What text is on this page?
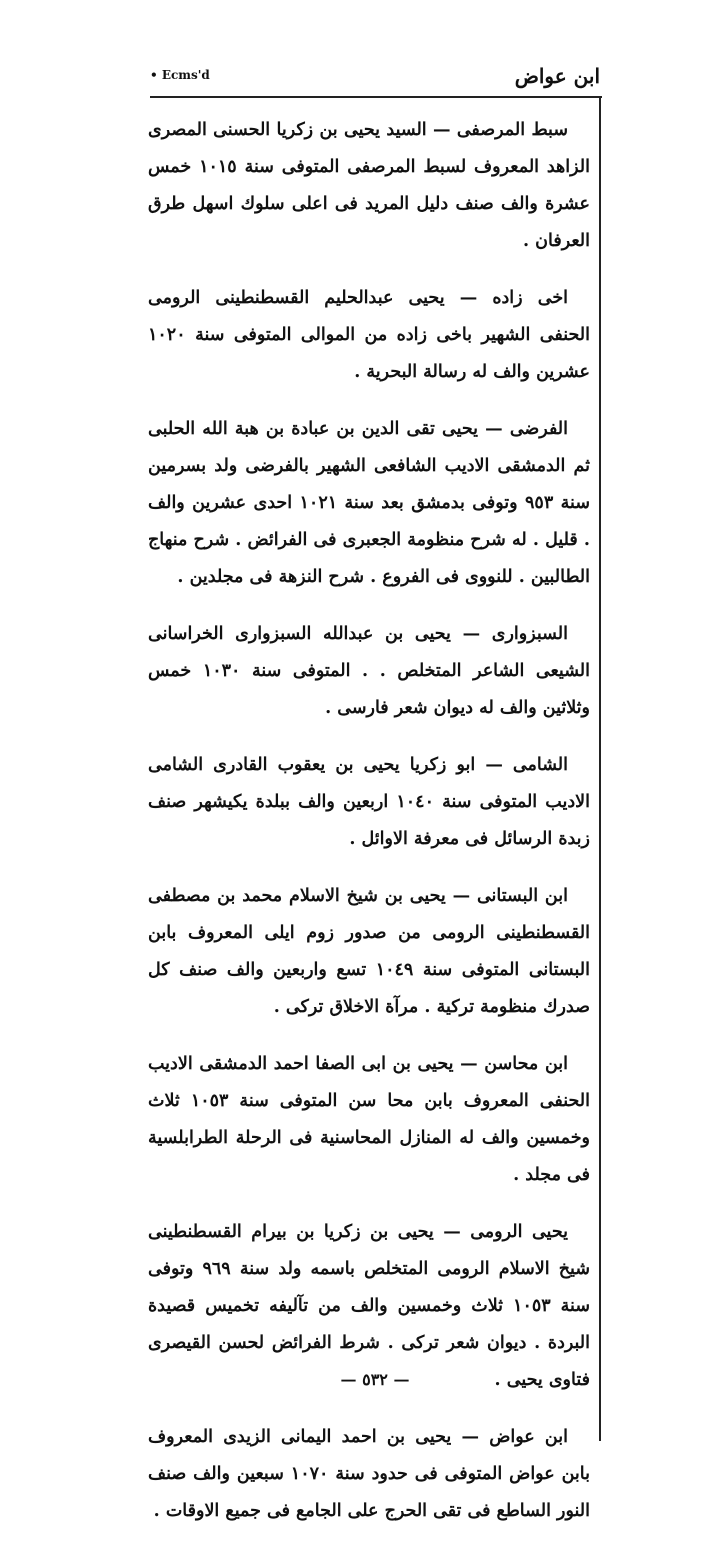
ابن عواض
• Ecms'd

سبط المرصفى — السيد يحيى بن زكريا الحسنى المصرى الزاهد المعروف لسبط المرصفى المتوفى سنة ١٠١٥ خمس عشرة والف صنف دليل المريد فى اعلى سلوك اسهل طرق العرفان .

اخى زاده — يحيى عبدالحليم القسطنطينى الرومى الحنفى الشهير باخى زاده من الموالى المتوفى سنة ١٠٢٠ عشرين والف له رسالة البحرية .

الفرضى — يحيى تقى الدين بن عبادة بن هبة الله الحلبى ثم الدمشقى الاديب الشافعى الشهير بالفرضى ولد بسرمين سنة ٩٥٣ وتوفى بدمشق بعد سنة ١٠٢١ احدى عشرين والف . قليل . له شرح منظومة الجعبرى فى الفرائض . شرح منهاج الطالبين . للنووى فى الفروع . شرح النزهة فى مجلدين .

السبزوارى — يحيى بن عبدالله السبزوارى الخراسانى الشيعى الشاعر المتخلص . . المتوفى سنة ١٠٣٠ خمس وثلاثين والف له ديوان شعر فارسى .

الشامى — ابو زكريا يحيى بن يعقوب القادرى الشامى الاديب المتوفى سنة ١٠٤٠ اربعين والف ببلدة يكيشهر صنف زبدة الرسائل فى معرفة الاوائل .

ابن البستانى — يحيى بن شيخ الاسلام محمد بن مصطفى القسطنطينى الرومى من صدور زوم ايلى المعروف بابن البستانى المتوفى سنة ١٠٤٩ تسع واربعين والف صنف كل صدرك منظومة تركية . مرآة الاخلاق تركى .

ابن محاسن — يحيى بن ابى الصفا احمد الدمشقى الاديب الحنفى المعروف بابن محا سن المتوفى سنة ١٠٥٣ ثلاث وخمسين والف له المنازل المحاسنية فى الرحلة الطرابلسية فى مجلد .

يحيى الرومى — يحيى بن زكريا بن بيرام القسطنطينى شيخ الاسلام الرومى المتخلص باسمه ولد سنة ٩٦٩ وتوفى سنة ١٠٥٣ ثلاث وخمسين والف من تآليفه تخميس قصيدة البردة . ديوان شعر تركى . شرط الفرائض لحسن القيصرى فتاوى يحيى .

ابن عواض — يحيى بن احمد اليمانى الزيدى المعروف بابن عواض المتوفى فى حدود سنة ١٠٧٠ سبعين والف صنف النور الساطع فى تقى الحرج على الجامع فى جميع الاوقات .

— ٥٣٢ —
